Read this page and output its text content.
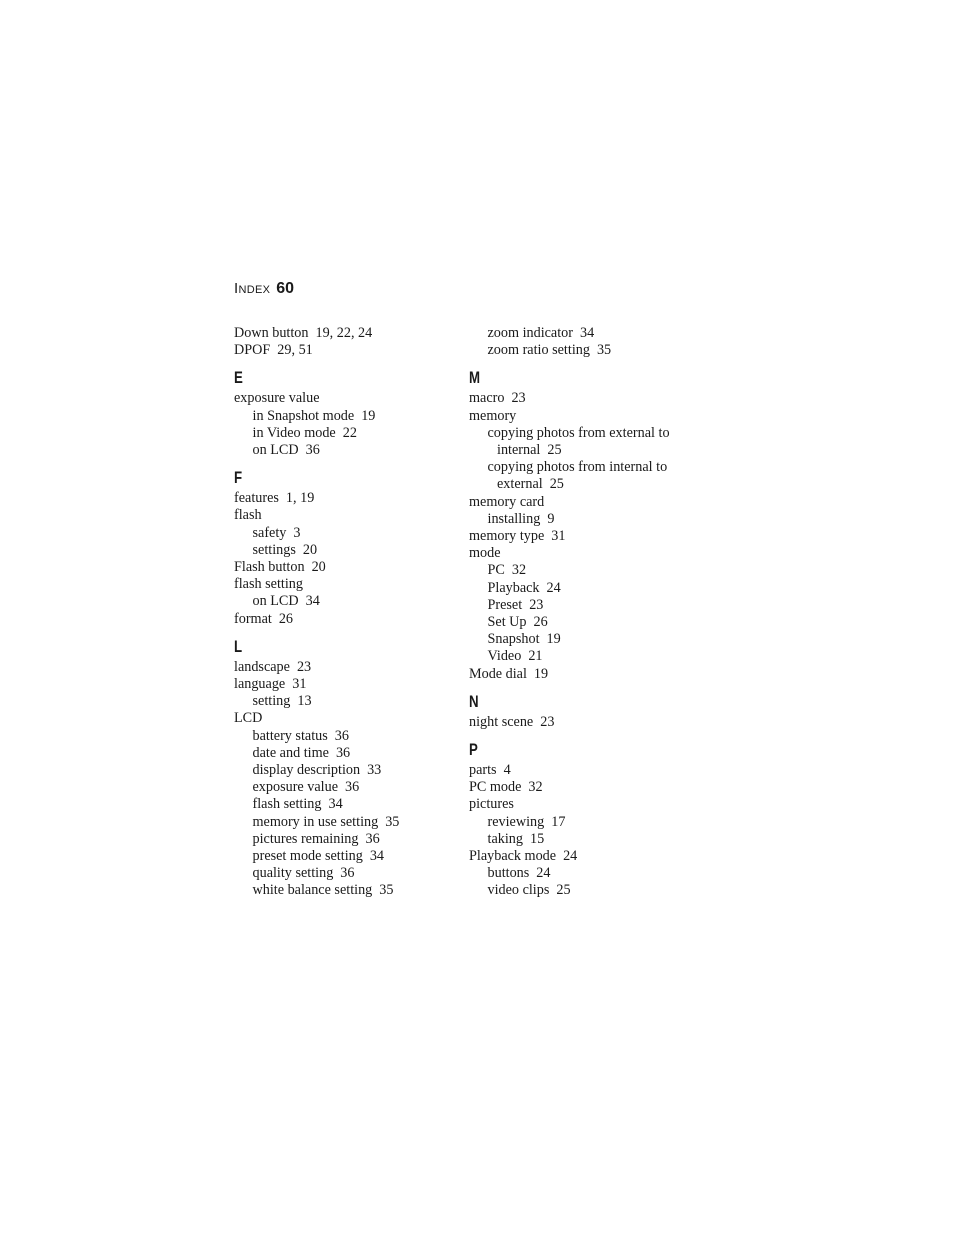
Index 60
Down button 19, 22, 24
DPOF 29, 51
E
exposure value
in Snapshot mode 19
in Video mode 22
on LCD 36
F
features 1, 19
flash
safety 3
settings 20
Flash button 20
flash setting
on LCD 34
format 26
L
landscape 23
language 31
setting 13
LCD
battery status 36
date and time 36
display description 33
exposure value 36
flash setting 34
memory in use setting 35
pictures remaining 36
preset mode setting 34
quality setting 36
white balance setting 35
zoom indicator 34
zoom ratio setting 35
M
macro 23
memory
copying photos from external to
internal 25
copying photos from internal to
external 25
memory card
installing 9
memory type 31
mode
PC 32
Playback 24
Preset 23
Set Up 26
Snapshot 19
Video 21
Mode dial 19
N
night scene 23
P
parts 4
PC mode 32
pictures
reviewing 17
taking 15
Playback mode 24
buttons 24
video clips 25
